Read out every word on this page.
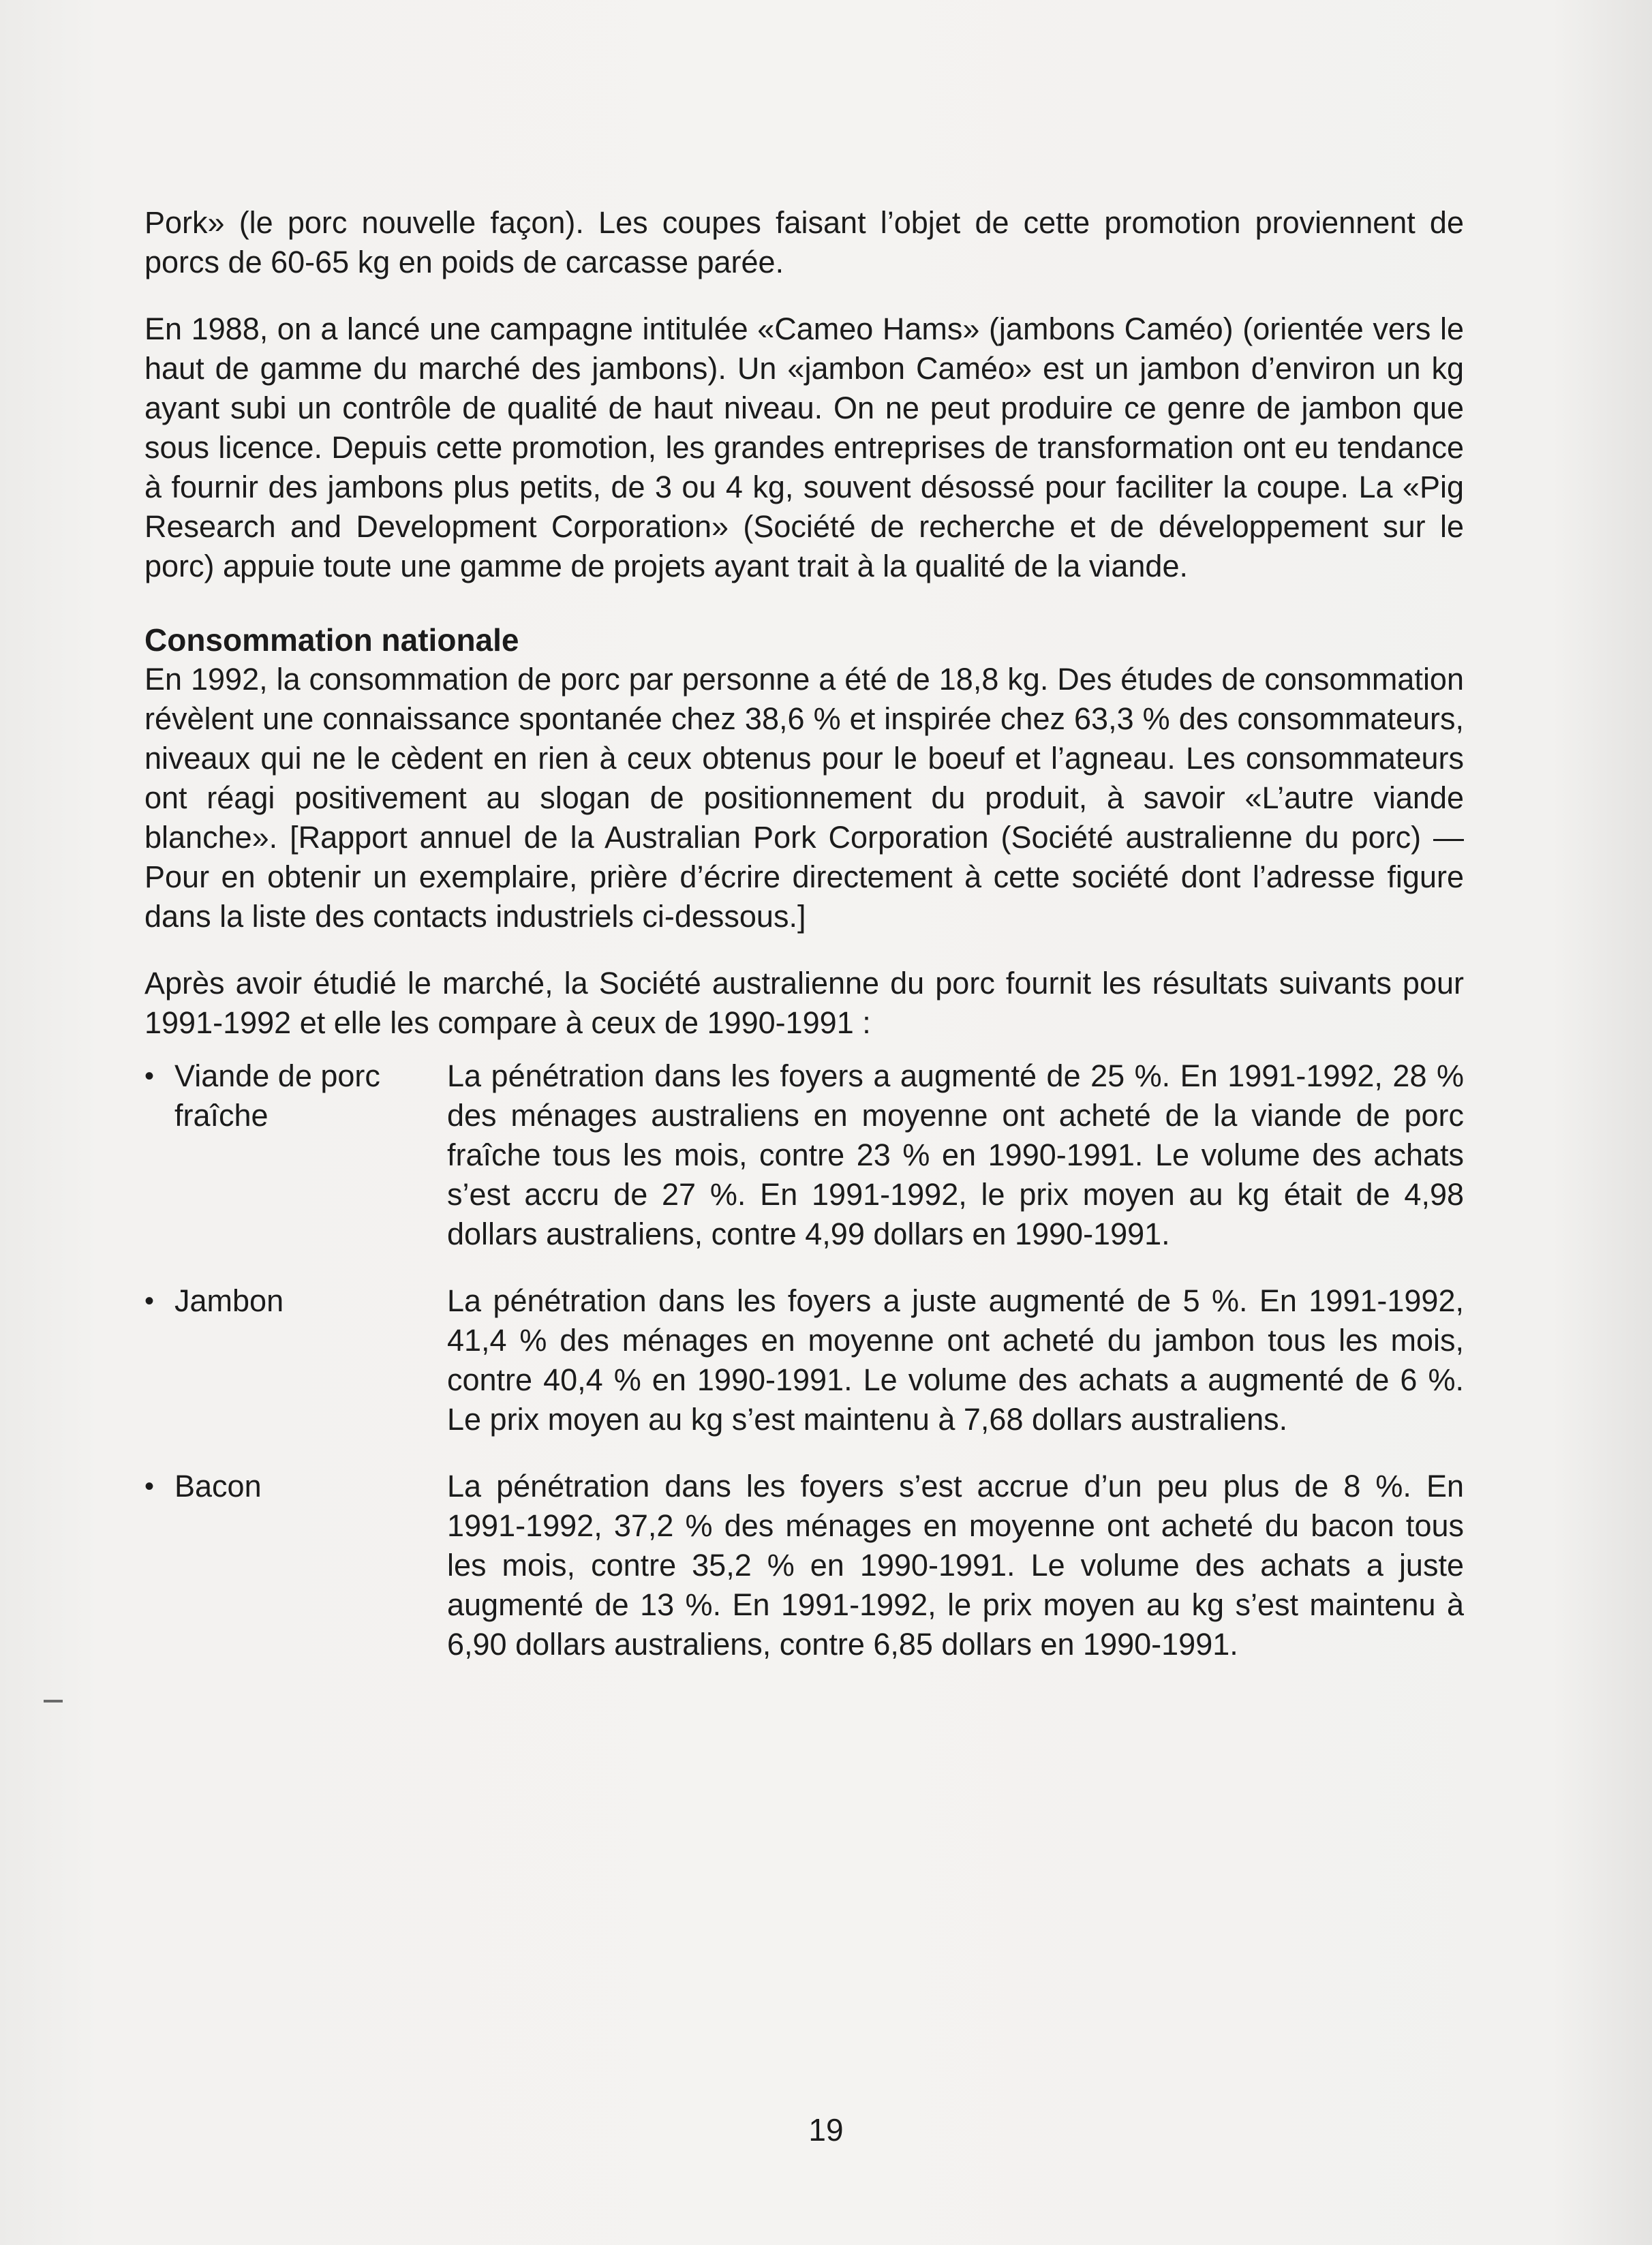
Pork» (le porc nouvelle façon). Les coupes faisant l’objet de cette promotion proviennent de porcs de 60-65 kg en poids de carcasse parée.

En 1988, on a lancé une campagne intitulée «Cameo Hams» (jambons Caméo) (orientée vers le haut de gamme du marché des jambons). Un «jambon Caméo» est un jambon d’environ un kg ayant subi un contrôle de qualité de haut niveau. On ne peut produire ce genre de jambon que sous licence. Depuis cette promotion, les grandes entreprises de transformation ont eu tendance à fournir des jambons plus petits, de 3 ou 4 kg, souvent désossé pour faciliter la coupe. La «Pig Research and Development Corporation» (Société de recherche et de développement sur le porc) appuie toute une gamme de projets ayant trait à la qualité de la viande.

Consommation nationale

En 1992, la consommation de porc par personne a été de 18,8 kg. Des études de consommation révèlent une connaissance spontanée chez 38,6 % et inspirée chez 63,3 % des consommateurs, niveaux qui ne le cèdent en rien à ceux obtenus pour le boeuf et l’agneau. Les consommateurs ont réagi positivement au slogan de positionnement du produit, à savoir «L’autre viande blanche». [Rapport annuel de la Australian Pork Corporation (Société australienne du porc) — Pour en obtenir un exemplaire, prière d’écrire directement à cette société dont l’adresse figure dans la liste des contacts industriels ci-dessous.]

Après avoir étudié le marché, la Société australienne du porc fournit les résultats suivants pour 1991-1992 et elle les compare à ceux de 1990-1991 :

• Viande de porc fraîche
La pénétration dans les foyers a augmenté de 25 %. En 1991-1992, 28 % des ménages australiens en moyenne ont acheté de la viande de porc fraîche tous les mois, contre 23 % en 1990-1991. Le volume des achats s’est accru de 27 %. En 1991-1992, le prix moyen au kg était de 4,98 dollars australiens, contre 4,99 dollars en 1990-1991.
• Jambon	La pénétration dans les foyers a juste augmenté de 5 %. En 1991-1992, 41,4 % des ménages en moyenne ont acheté du jambon tous les mois, contre 40,4 % en 1990-1991. Le volume des achats a augmenté de 6 %. Le prix moyen au kg s’est maintenu à 7,68 dollars australiens.
• Bacon	La pénétration dans les foyers s’est accrue d’un peu plus de 8 %. En 1991-1992, 37,2 % des ménages en moyenne ont acheté du bacon tous les mois, contre 35,2 % en 1990-1991. Le volume des achats a juste augmenté de 13 %. En 1991-1992, le prix moyen au kg s’est maintenu à 6,90 dollars australiens, contre 6,85 dollars en 1990-1991.
19
